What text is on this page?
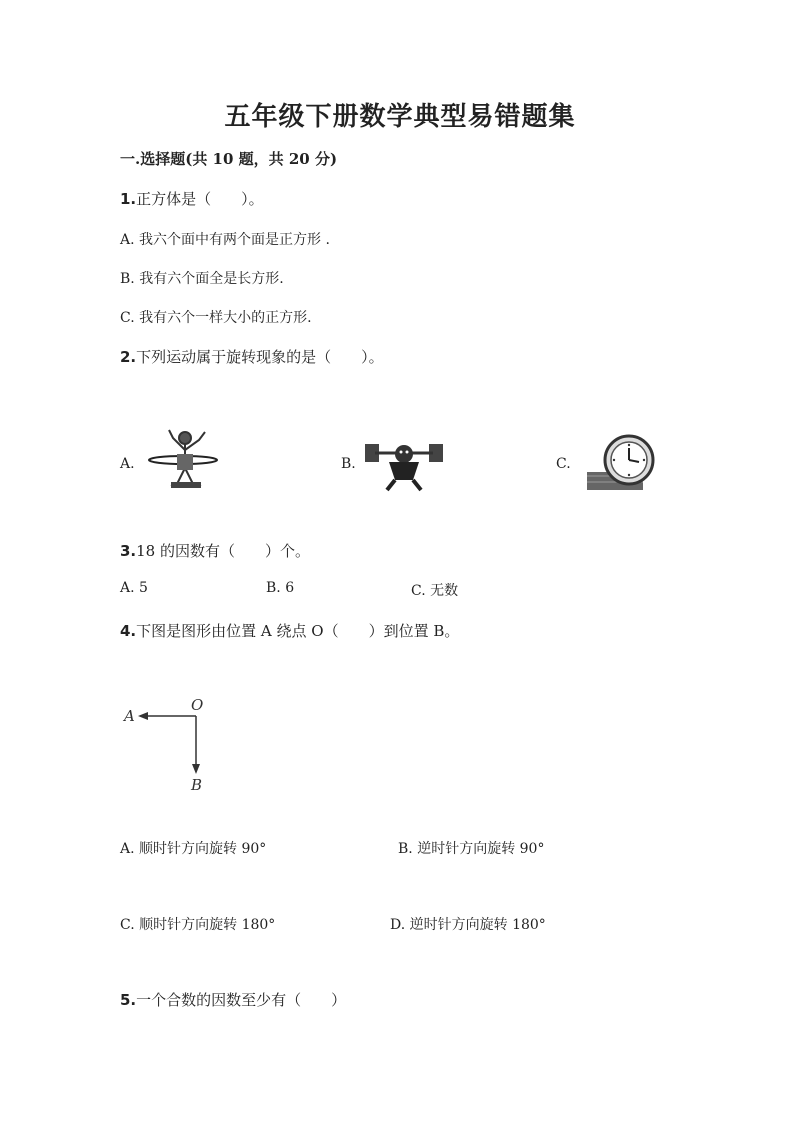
五年级下册数学典型易错题集
一.选择题(共 10 题，共 20 分)
1.正方体是（　　）。
A. 我六个面中有两个面是正方形 .
B. 我有六个面全是长方形.
C. 我有六个一样大小的正方形.
2.下列运动属于旋转现象的是（　　）。
A.	B.	C.
3.18 的因数有（　　）个。
A. 5	B. 6	C. 无数
4.下图是图形由位置 A 绕点 O（　　）到位置 B。
A
O
B
A. 顺时针方向旋转 90°	B. 逆时针方向旋转 90°
C. 顺时针方向旋转 180°	D. 逆时针方向旋转 180°
5.一个合数的因数至少有（　　）
